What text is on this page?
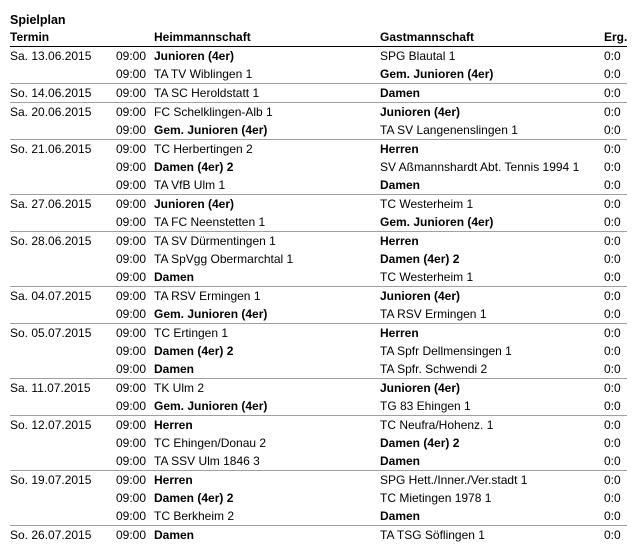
Spielplan
Termin			Heimmannschaft	Gastmannschaft	Erg.
Sa. 13.06.2015	09:00		Junioren (4er)	SPG Blautal 1	0:0
	09:00		TA TV Wiblingen 1	Gem. Junioren (4er)	0:0
So. 14.06.2015	09:00		TA SC Heroldstatt 1	Damen	0:0
Sa. 20.06.2015	09:00		FC Schelklingen-Alb 1	Junioren (4er)	0:0
	09:00		Gem. Junioren (4er)	TA SV Langenenslingen 1	0:0
So. 21.06.2015	09:00		TC Herbertingen 2	Herren	0:0
	09:00		Damen (4er) 2	SV Aßmannshardt Abt. Tennis 1994 1	0:0
	09:00		TA VfB Ulm 1	Damen	0:0
Sa. 27.06.2015	09:00		Junioren (4er)	TC Westerheim 1	0:0
	09:00		TA FC Neenstetten 1	Gem. Junioren (4er)	0:0
So. 28.06.2015	09:00		TA SV Dürmentingen 1	Herren	0:0
	09:00		TA SpVgg Obermarchtal 1	Damen (4er) 2	0:0
	09:00		Damen	TC Westerheim 1	0:0
Sa. 04.07.2015	09:00		TA RSV Ermingen 1	Junioren (4er)	0:0
	09:00		Gem. Junioren (4er)	TA RSV Ermingen 1	0:0
So. 05.07.2015	09:00		TC Ertingen 1	Herren	0:0
	09:00		Damen (4er) 2	TA Spfr Dellmensingen 1	0:0
	09:00		Damen	TA Spfr. Schwendi 2	0:0
Sa. 11.07.2015	09:00		TK Ulm 2	Junioren (4er)	0:0
	09:00		Gem. Junioren (4er)	TG 83 Ehingen 1	0:0
So. 12.07.2015	09:00		Herren	TC Neufra/Hohenz. 1	0:0
	09:00		TC Ehingen/Donau 2	Damen (4er) 2	0:0
	09:00		TA SSV Ulm 1846 3	Damen	0:0
So. 19.07.2015	09:00		Herren	SPG Hett./Inner./Ver.stadt 1	0:0
	09:00		Damen (4er) 2	TC Mietingen 1978 1	0:0
	09:00		TC Berkheim 2	Damen	0:0
So. 26.07.2015	09:00		Damen	TA TSG Söflingen 1	0:0
